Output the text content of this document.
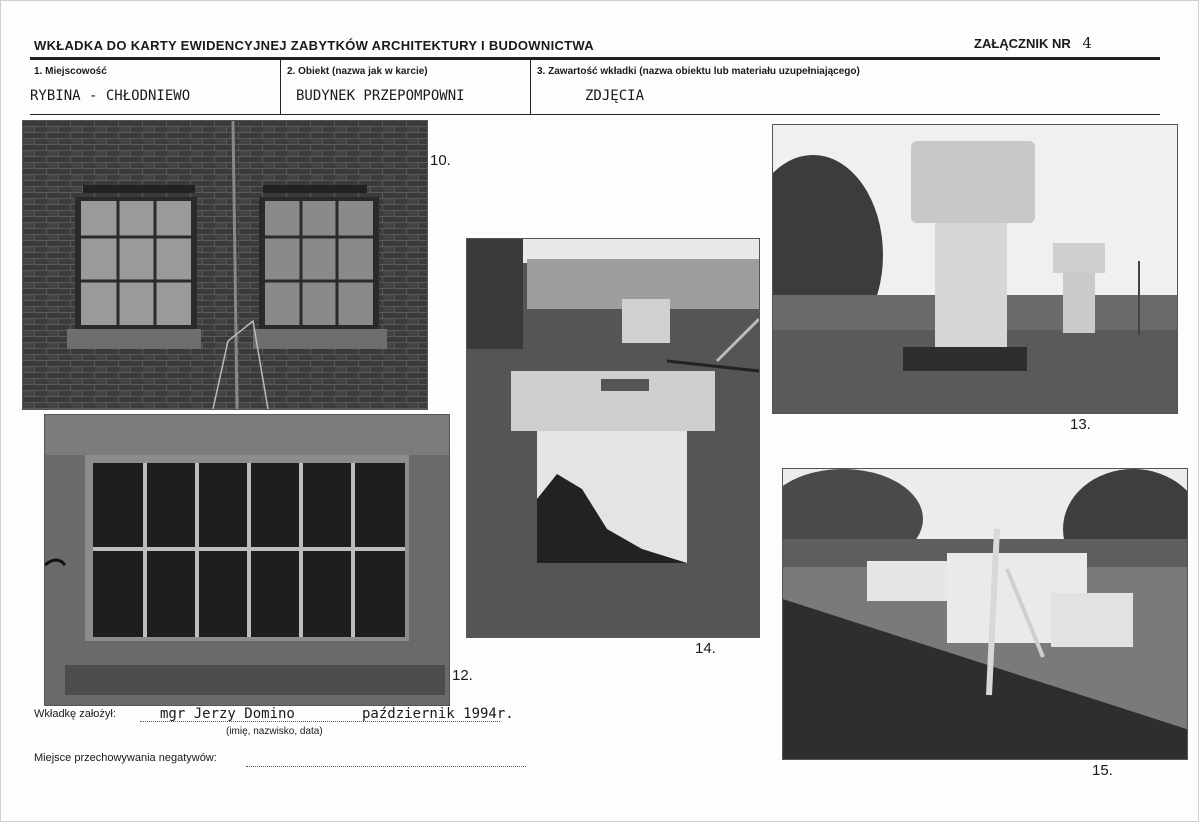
WKŁADKA DO KARTY EWIDENCYJNEJ ZABYTKÓW ARCHITEKTURY I BUDOWNICTWA	ZAŁĄCZNIK NR 4
1. Miejscowość
RYBINA - CHŁODNIEWO
2. Obiekt (nazwa jak w karcie)
BUDYNEK PRZEPOMPOWNI
3. Zawartość wkładki (nazwa obiektu lub materiału uzupełniającego)
ZDJĘCIA
10.
12.
14.
13.
15.
Wkładkę założył:	mgr Jerzy Domino	październik 1994r.
(imię, nazwisko, data)
Miejsce przechowywania negatywów:
